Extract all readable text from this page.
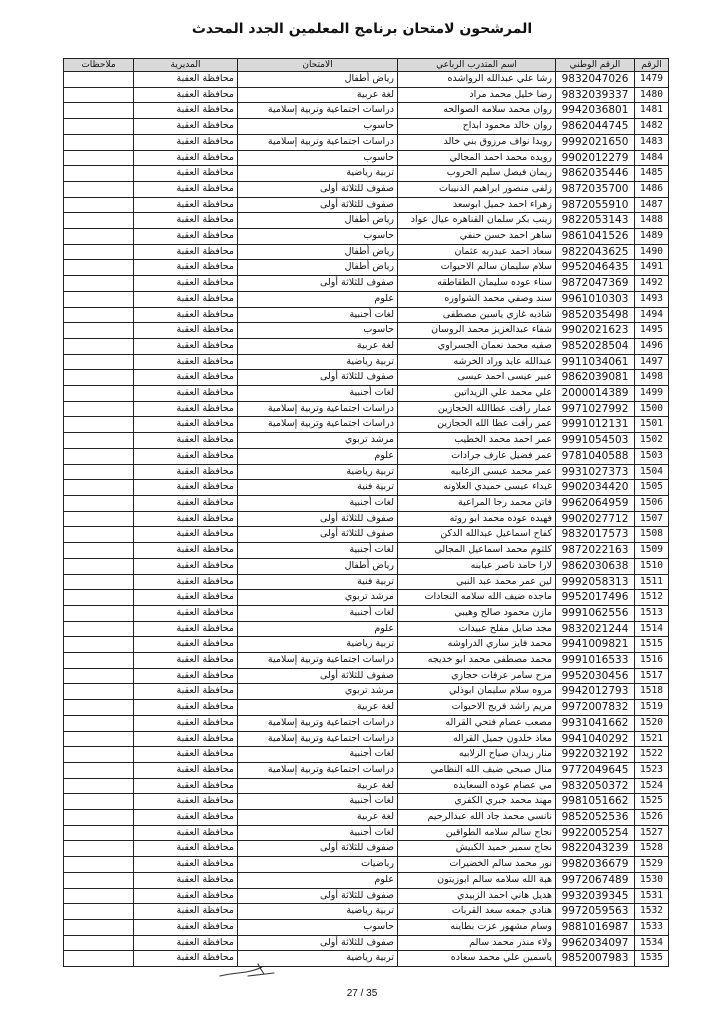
المرشحون لامتحان برنامج المعلمين الجدد المحدث
الرقم	الرقم الوطني	اسم المتدرب الرباعي	الامتحان	المديرية	ملاحظات
1479	9832047026	رشا علي عبدالله الرواشده	رياض أطفال	محافظة العقبة	
1480	9832039337	رضا خليل محمد مراد	لغة عربية	محافظة العقبة	
1481	9942036801	روان محمد سلامه الصوالحه	دراسات اجتماعية وتربية إسلامية	محافظة العقبة	
1482	9862044745	روان خالد محمود ابداح	حاسوب	محافظة العقبة	
1483	9992021650	رويدا نواف مرزوق بني خالد	دراسات اجتماعية وتربية إسلامية	محافظة العقبة	
1484	9902012279	رويده محمد احمد المجالي	حاسوب	محافظة العقبة	
1485	9862035446	ريمان فيصل سليم الحروب	تربية رياضية	محافظة العقبة	
1486	9872035700	زلفى منصور ابراهيم الذنيبات	صفوف للثلاثة أولى	محافظة العقبة	
1487	9872055910	زهراء احمد جميل ابوسعد	صفوف للثلاثة أولى	محافظة العقبة	
1488	9822053143	زينب بكر سلمان القناهره عيال عواد	رياض أطفال	محافظة العقبة	
1489	9861041526	ساهر احمد حسن حنفي	حاسوب	محافظة العقبة	
1490	9822043625	سعاد احمد عبدربه عثمان	رياض أطفال	محافظة العقبة	
1491	9952046435	سلام سليمان سالم الاحيوات	رياض أطفال	محافظة العقبة	
1492	9872047369	سناء عوده سليمان الطقاطقه	صفوف للثلاثة أولى	محافظة العقبة	
1493	9961010303	سند وصفي محمد الشواوره	علوم	محافظة العقبة	
1494	9852035498	شاديه غازي ياسين مصطفى	لغات أجنبية	محافظة العقبة	
1495	9902021623	شفاء عبدالعزيز محمد الروسان	حاسوب	محافظة العقبة	
1496	9852028504	صفيه محمد نعمان الجسراوي	لغة عربية	محافظة العقبة	
1497	9911034061	عبدالله عايد وراد الخرشه	تربية رياضية	محافظة العقبة	
1498	9862039081	عبير عيسى احمد عيسى	صفوف للثلاثة أولى	محافظة العقبة	
1499	2000014389	علي محمد علي الزيداتين	لغات أجنبية	محافظة العقبة	
1500	9971027992	عمار رأفت عطاالله الحجازين	دراسات اجتماعية وتربية إسلامية	محافظة العقبة	
1501	9991012131	عمر رأفت عطا الله الحجازين	دراسات اجتماعية وتربية إسلامية	محافظة العقبة	
1502	9991054503	عمر احمد محمد الخطيب	مرشد تربوي	محافظة العقبة	
1503	9781040588	عمر فضيل عارف جرادات	علوم	محافظة العقبة	
1504	9931027373	عمر محمد عيسى الزغابيه	تربية رياضية	محافظة العقبة	
1505	9902034420	غيداء عيسى حميدي العلاونه	تربية فنية	محافظة العقبة	
1506	9962064959	فاتن محمد رجا المراعية	لغات أجنبية	محافظة العقبة	
1507	9902027712	فهيده عوده محمد ابو روثه	صفوف للثلاثة أولى	محافظة العقبة	
1508	9832017573	كفاح اسماعيل عبدالله الدكن	صفوف للثلاثة أولى	محافظة العقبة	
1509	9872022163	كلثوم محمد اسماعيل المجالي	لغات أجنبية	محافظة العقبة	
1510	9862030638	لارا حامد ناصر عبابنه	رياض أطفال	محافظة العقبة	
1511	9992058313	لين عمر محمد عبد النبي	تربية فنية	محافظة العقبة	
1512	9952017496	ماجده ضيف الله سلامه النجادات	مرشد تربوي	محافظة العقبة	
1513	9991062556	مازن محمود صالح وهيبي	لغات أجنبية	محافظة العقبة	
1514	9832021244	مجد صايل مفلح عبيدات	علوم	محافظة العقبة	
1515	9941009821	محمد فايز ساري الدراوشه	تربية رياضية	محافظة العقبة	
1516	9991016533	محمد مصطفى محمد ابو خديجه	دراسات اجتماعية وتربية إسلامية	محافظة العقبة	
1517	9952030456	مرح سامر عرفات حجازي	صفوف للثلاثة أولى	محافظة العقبة	
1518	9942012793	مروه سلام سليمان ابوذلي	مرشد تربوي	محافظة العقبة	
1519	9972007832	مريم راشد فريج الاحيوات	لغة عربية	محافظة العقبة	
1520	9931041662	مصعب عصام فتحي القراله	دراسات اجتماعية وتربية إسلامية	محافظة العقبة	
1521	9941040292	معاذ خلدون جميل القراله	دراسات اجتماعية وتربية إسلامية	محافظة العقبة	
1522	9922032192	منار زيدان صياح الزلابيه	لغات أجنبية	محافظة العقبة	
1523	9772049645	منال صبحي ضيف الله النظامي	دراسات اجتماعية وتربية إسلامية	محافظة العقبة	
1524	9832050372	مي عصام عوده السعايده	لغة عربية	محافظة العقبة	
1525	9981051662	مهند محمد جبري الكفري	لغات أجنبية	محافظة العقبة	
1526	9852052536	نانسي محمد جاد الله عبدالرحيم	لغة عربية	محافظة العقبة	
1527	9922005254	نجاح سالم سلامه الطواقين	لغات أجنبية	محافظة العقبة	
1528	9822043239	نجاح سمير حميد الكبيش	صفوف للثلاثة أولى	محافظة العقبة	
1529	9982036679	نور محمد سالم الخضيرات	رياضيات	محافظة العقبة	
1530	9972067489	هبة الله سلامه سالم ابوزيتون	علوم	محافظة العقبة	
1531	9932039345	هديل هاني احمد الزبيدي	صفوف للثلاثة أولى	محافظة العقبة	
1532	9972059563	هنادي جمعه سعد القربات	تربية رياضية	محافظة العقبة	
1533	9881016987	وسام مشهور عزت بطاينه	حاسوب	محافظة العقبة	
1534	9962034097	ولاء منذر محمد سالم	صفوف للثلاثة أولى	محافظة العقبة	
1535	9852007983	ياسمين علي محمد سعاده	تربية رياضية	محافظة العقبة	
27 / 35
